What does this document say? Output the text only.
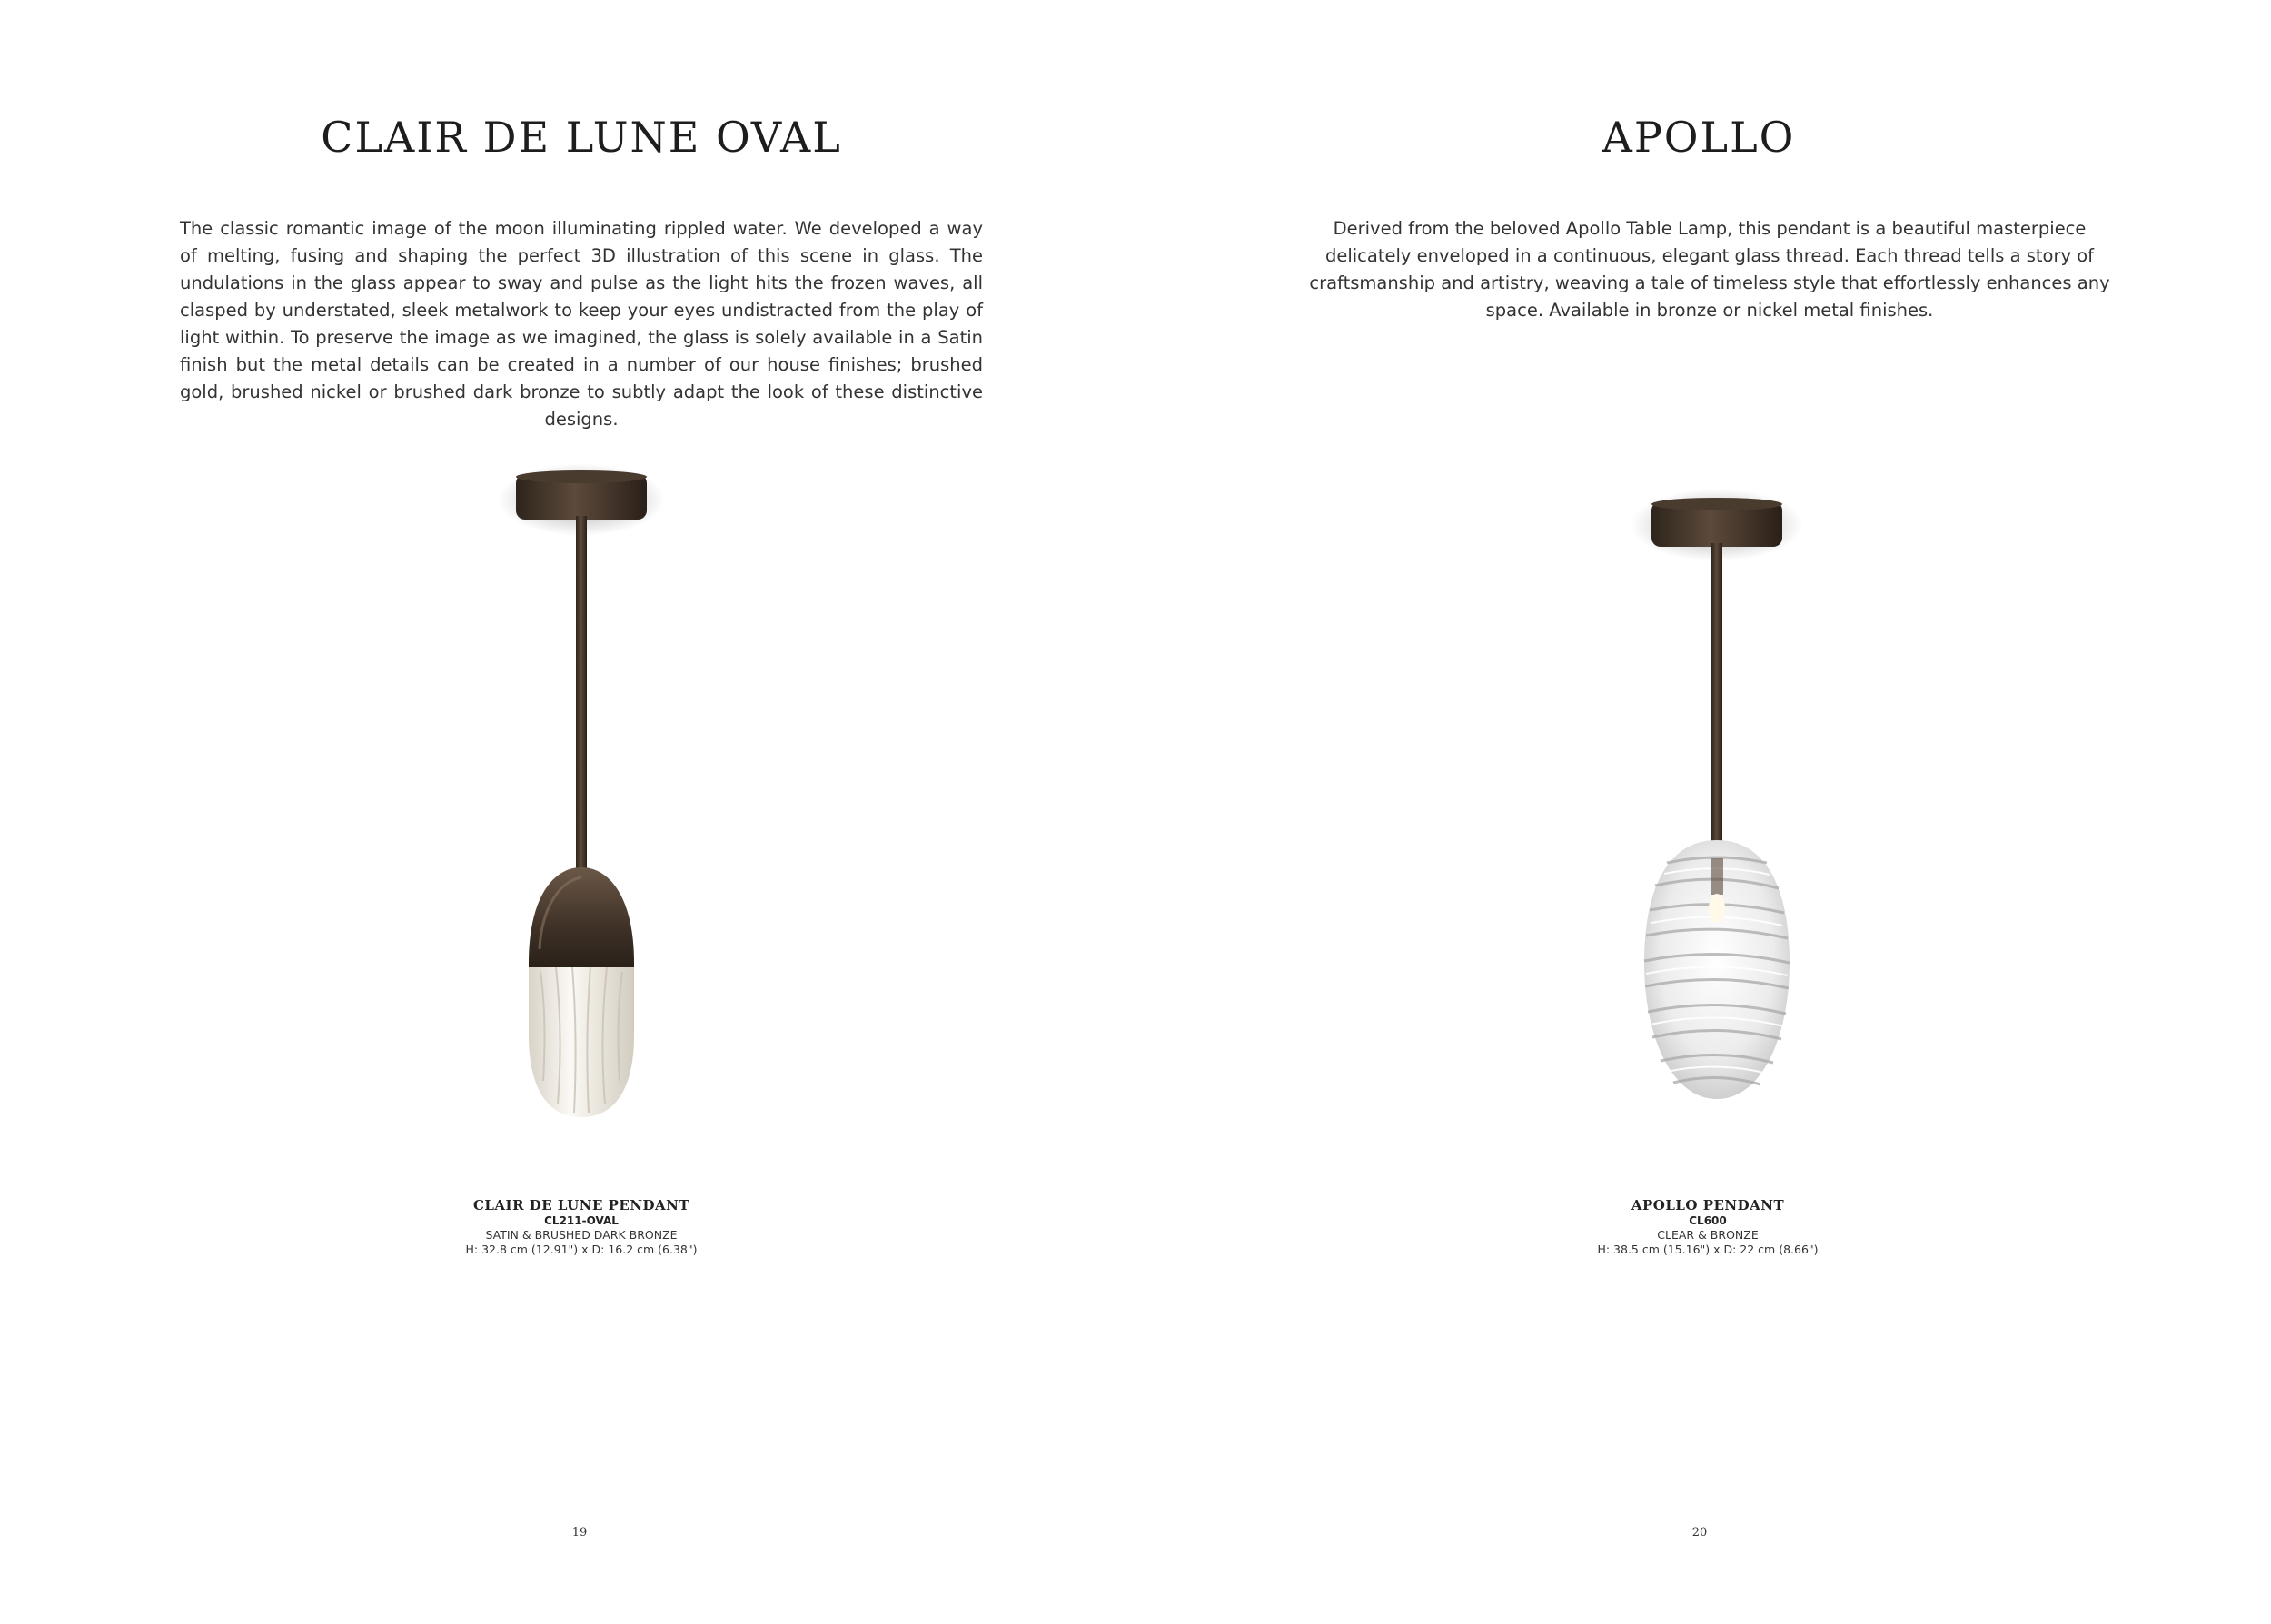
CLAIR DE LUNE OVAL

The classic romantic image of the moon illuminating rippled water. We developed a way of melting, fusing and shaping the perfect 3D illustration of this scene in glass. The undulations in the glass appear to sway and pulse as the light hits the frozen waves, all clasped by understated, sleek metalwork to keep your eyes undistracted from the play of light within. To preserve the image as we imagined, the glass is solely available in a Satin finish but the metal details can be created in a number of our house finishes; brushed gold, brushed nickel or brushed dark bronze to subtly adapt the look of these distinctive designs.

CLAIR DE LUNE PENDANT
CL211-OVAL
SATIN & BRUSHED DARK BRONZE
H: 32.8 cm (12.91") x D: 16.2 cm (6.38")
19
APOLLO

Derived from the beloved Apollo Table Lamp, this pendant is a beautiful masterpiece delicately enveloped in a continuous, elegant glass thread. Each thread tells a story of craftsmanship and artistry, weaving a tale of timeless style that effortlessly enhances any space. Available in bronze or nickel metal finishes.

APOLLO PENDANT
CL600
CLEAR & BRONZE
H: 38.5 cm (15.16") x D: 22 cm (8.66")
20
